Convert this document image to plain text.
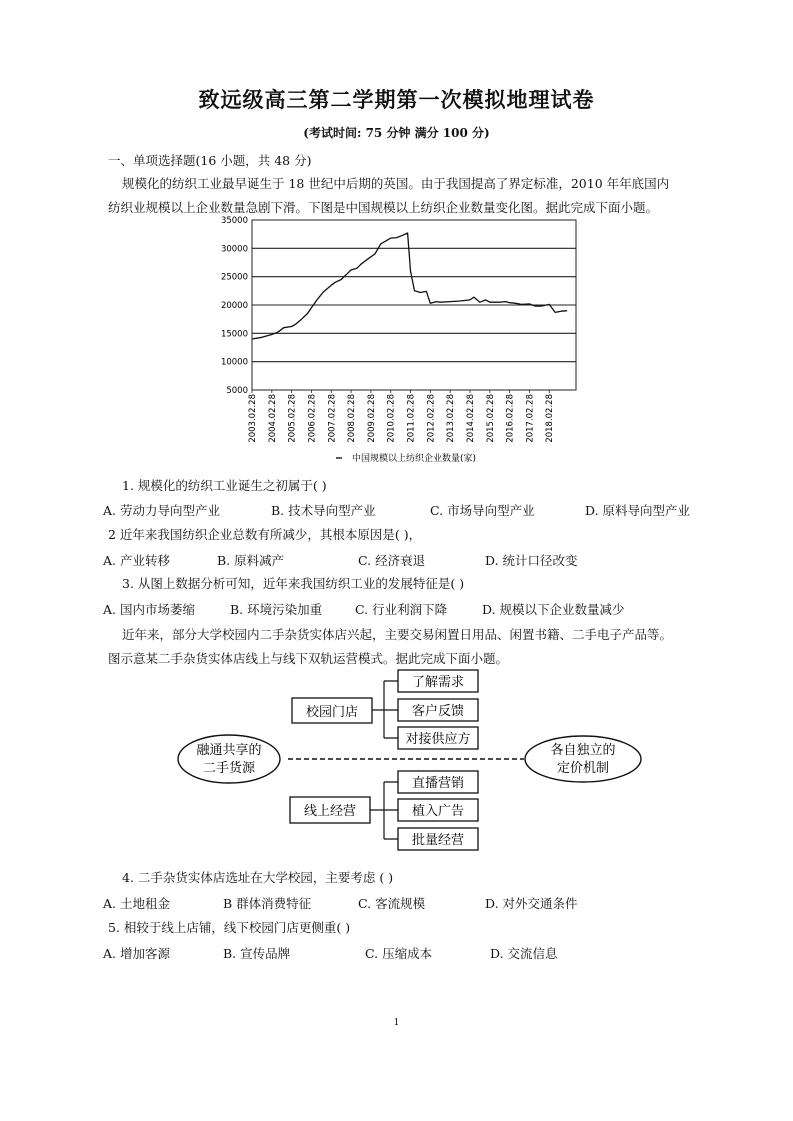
致远级高三第二学期第一次模拟地理试卷
(考试时间: 75 分钟 满分 100 分)
一、单项选择题(16 小题，共 48 分)
规模化的纺织工业最早诞生于 18 世纪中后期的英国。由于我国提高了界定标准，2010 年年底国内
纺织业规模以上企业数量急剧下滑。下图是中国规模以上纺织企业数量变化图。据此完成下面小题。
5000
10000
15000
20000
25000
30000
35000
2003.02.28 2004.02.28 2005.02.28 2006.02.28 2007.02.28 2008.02.28 2009.02.28 2010.02.28 2011.02.28 2012.02.28 2013.02.28 2014.02.28 2015.02.28 2016.02.28 2017.02.28 2018.02.28
中国规模以上纺织企业数量(家)
1. 规模化的纺织工业诞生之初属于( )
A. 劳动力导向型产业	B. 技术导向型产业	C. 市场导向型产业	D. 原料导向型产业
2 近年来我国纺织企业总数有所减少，其根本原因是( )，
A. 产业转移	B. 原料减产	C. 经济衰退	D. 统计口径改变
3. 从图上数据分析可知，近年来我国纺织工业的发展特征是( )
A. 国内市场萎缩	B. 环境污染加重	C. 行业利润下降	D. 规模以下企业数量减少
近年来，部分大学校园内二手杂货实体店兴起，主要交易闲置日用品、闲置书籍、二手电子产品等。
图示意某二手杂货实体店线上与线下双轨运营模式。据此完成下面小题。
融通共享的
二手货源
各自独立的
定价机制
校园门店
了解需求
客户反馈
对接供应方
线上经营
直播营销
植入广告
批量经营
4. 二手杂货实体店选址在大学校园，主要考虑 ( )
A. 土地租金	B 群体消费特征	C. 客流规模	D. 对外交通条件
5. 相较于线上店铺，线下校园门店更侧重( )
A. 增加客源	B. 宣传品牌	C. 压缩成本	D. 交流信息
1
